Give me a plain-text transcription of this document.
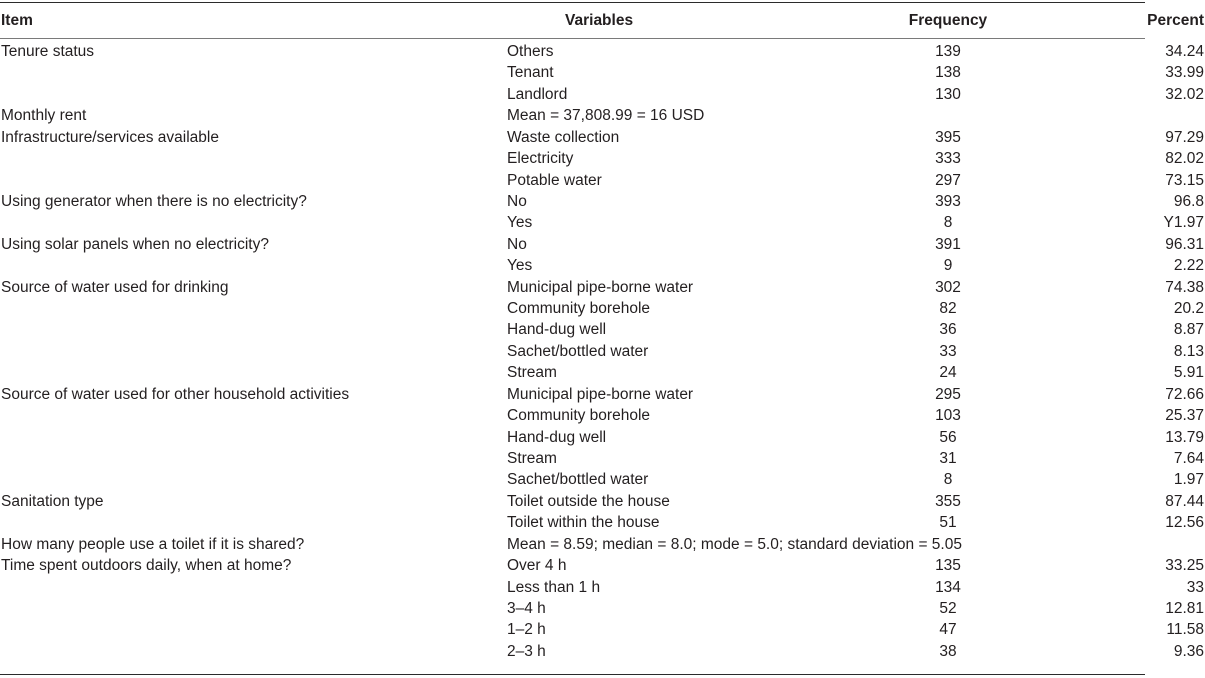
Item	Variables	Frequency	Percent
Tenure status	Others	139	34.24
	Tenant	138	33.99
	Landlord	130	32.02
Monthly rent	Mean = 37,808.99 = 16 USD		
Infrastructure/services available	Waste collection	395	97.29
	Electricity	333	82.02
	Potable water	297	73.15
Using generator when there is no electricity?	No	393	96.8
	Yes	8	Y1.97
Using solar panels when no electricity?	No	391	96.31
	Yes	9	2.22
Source of water used for drinking	Municipal pipe-borne water	302	74.38
	Community borehole	82	20.2
	Hand-dug well	36	8.87
	Sachet/bottled water	33	8.13
	Stream	24	5.91
Source of water used for other household activities	Municipal pipe-borne water	295	72.66
	Community borehole	103	25.37
	Hand-dug well	56	13.79
	Stream	31	7.64
	Sachet/bottled water	8	1.97
Sanitation type	Toilet outside the house	355	87.44
	Toilet within the house	51	12.56
How many people use a toilet if it is shared?	Mean = 8.59; median = 8.0; mode = 5.0; standard deviation = 5.05		
Time spent outdoors daily, when at home?	Over 4 h	135	33.25
	Less than 1 h	134	33
	3–4 h	52	12.81
	1–2 h	47	11.58
	2–3 h	38	9.36
